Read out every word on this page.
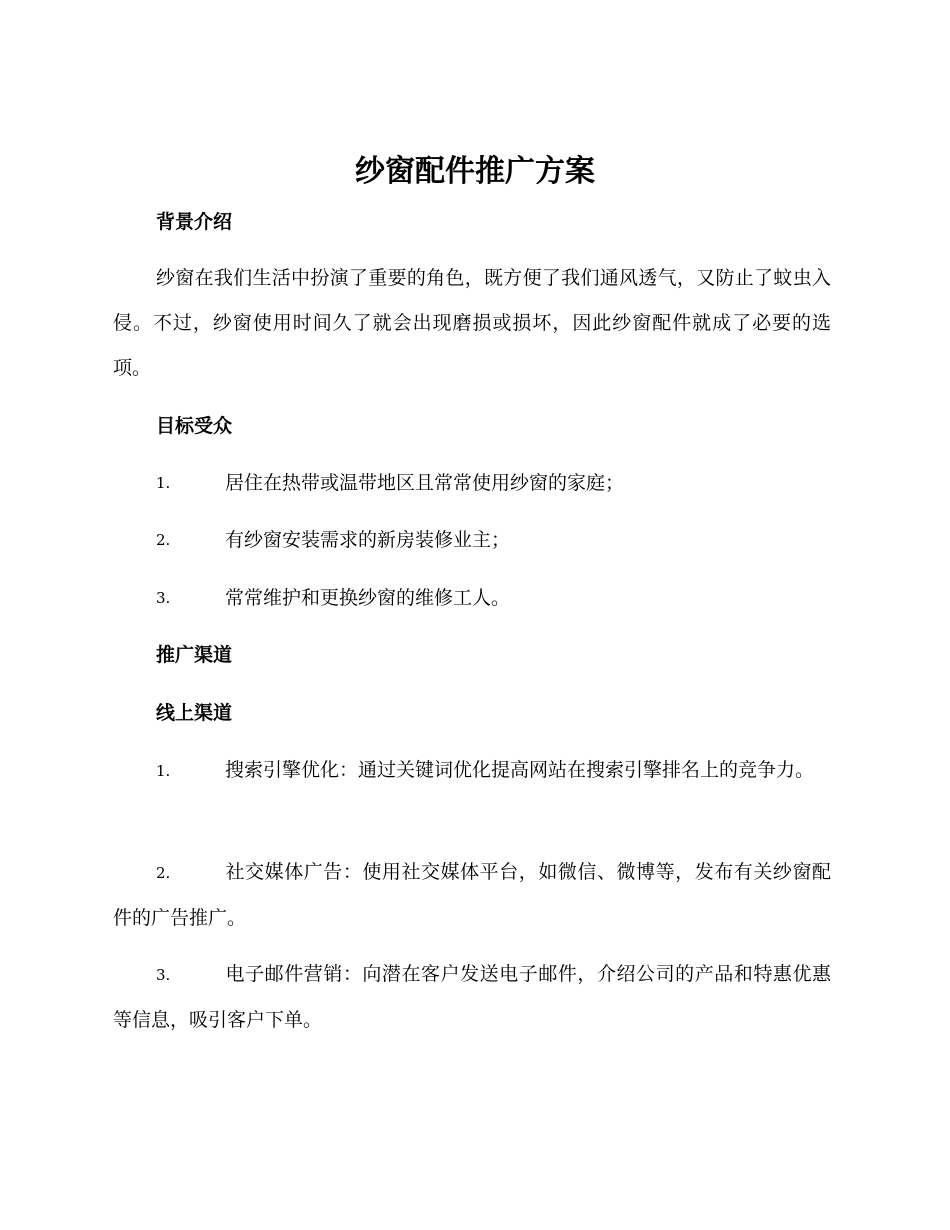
纱窗配件推广方案
背景介绍
纱窗在我们生活中扮演了重要的角色，既方便了我们通风透气，又防止了蚊虫入侵。不过，纱窗使用时间久了就会出现磨损或损坏，因此纱窗配件就成了必要的选项。
目标受众
1.	居住在热带或温带地区且常常使用纱窗的家庭；
2.	有纱窗安装需求的新房装修业主；
3.	常常维护和更换纱窗的维修工人。
推广渠道
线上渠道
1.	搜索引擎优化：通过关键词优化提高网站在搜索引擎排名上的竞争力。
2.	社交媒体广告：使用社交媒体平台，如微信、微博等，发布有关纱窗配件的广告推广。
3.	电子邮件营销：向潜在客户发送电子邮件，介绍公司的产品和特惠优惠等信息，吸引客户下单。
